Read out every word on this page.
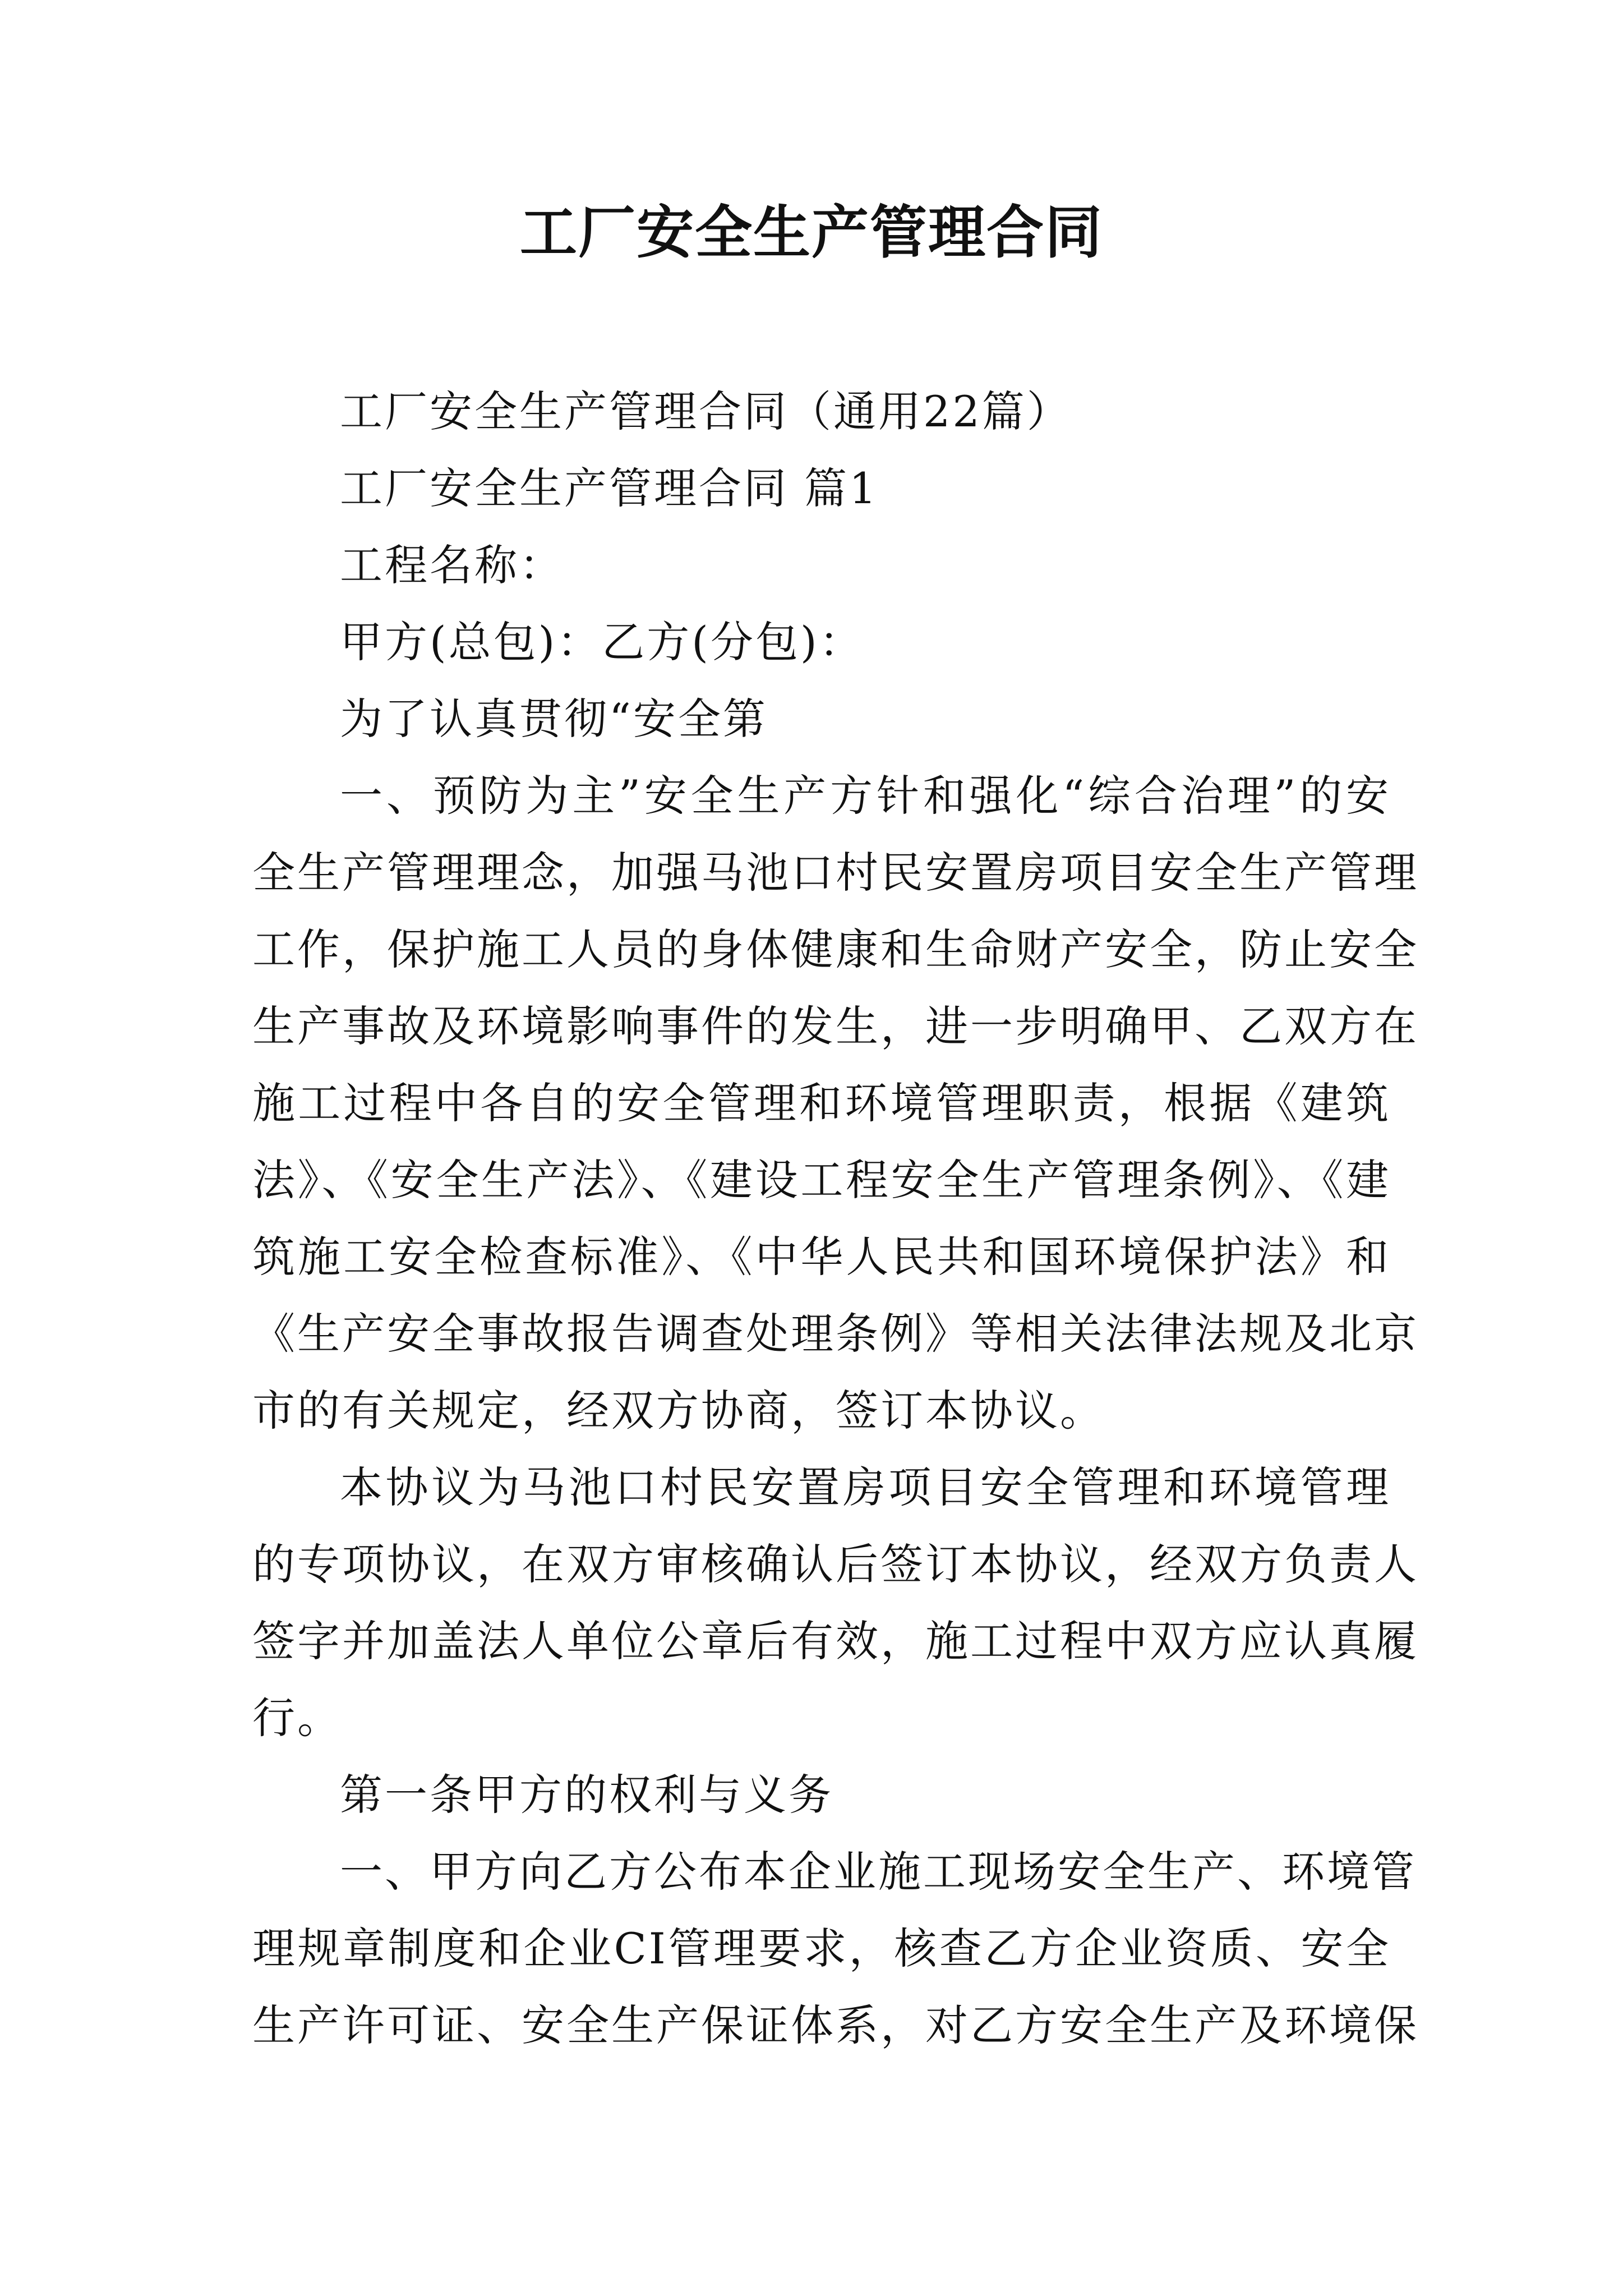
工厂安全生产管理合同
工厂安全生产管理合同（通用22篇）
工厂安全生产管理合同 篇1
工程名称：
甲方(总包)：乙方(分包)：
为了认真贯彻“安全第
一、预防为主”安全生产方针和强化“综合治理”的安
全生产管理理念，加强马池口村民安置房项目安全生产管理
工作，保护施工人员的身体健康和生命财产安全，防止安全
生产事故及环境影响事件的发生，进一步明确甲、乙双方在
施工过程中各自的安全管理和环境管理职责，根据《建筑
法》、《安全生产法》、《建设工程安全生产管理条例》、《建
筑施工安全检查标准》、《中华人民共和国环境保护法》和
《生产安全事故报告调查处理条例》等相关法律法规及北京
市的有关规定，经双方协商，签订本协议。
本协议为马池口村民安置房项目安全管理和环境管理
的专项协议，在双方审核确认后签订本协议，经双方负责人
签字并加盖法人单位公章后有效，施工过程中双方应认真履
行。
第一条甲方的权利与义务
一、甲方向乙方公布本企业施工现场安全生产、环境管
理规章制度和企业CI管理要求，核查乙方企业资质、安全
生产许可证、安全生产保证体系，对乙方安全生产及环境保
